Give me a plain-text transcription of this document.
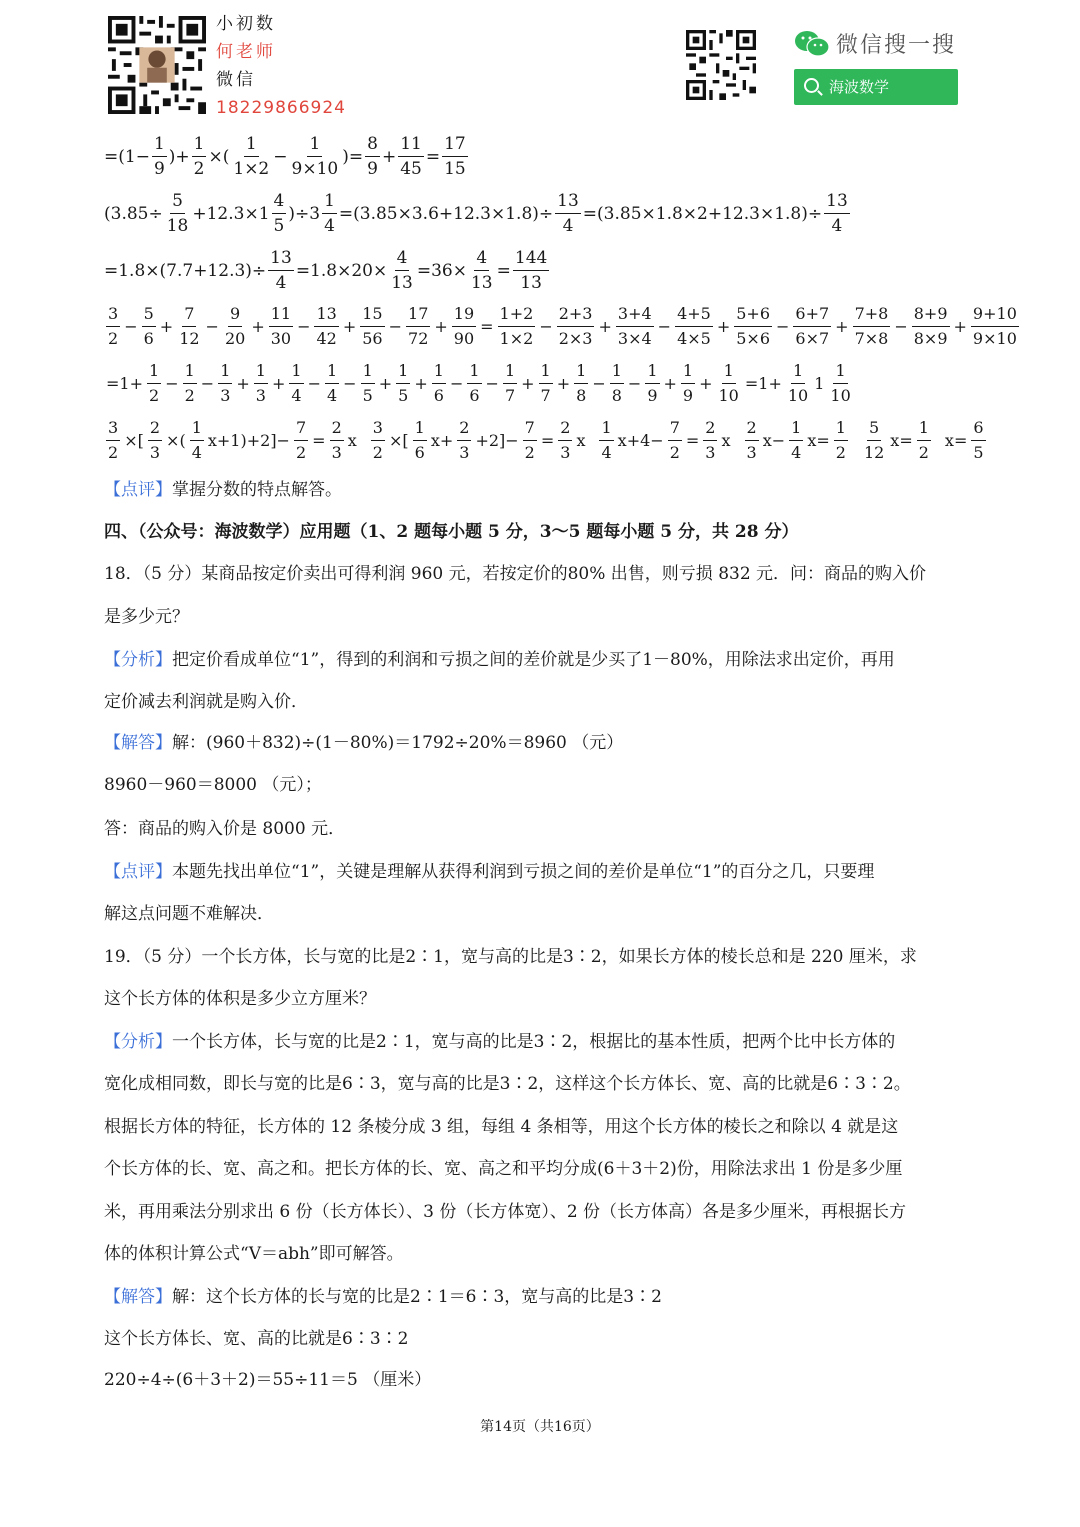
小初数
何老师
微信
18229866924
微信搜一搜
海波数学
$=(1- \frac{1}{9}$ )+ $\frac{1}{2}$ ×( $\frac{1}{1\times 2} - \frac{1}{9\times 10}$ )= $\frac{8}{9} + \frac{11}{45} = \frac{17}{15}$
$(3.85\div \frac{5}{18} +12.3\times 1 \frac{4}{5} )\div 3 \frac{1}{4} =(3.85\times 3.6+12.3\times 1.8)\div \frac{13}{4} =(3.85\times 1.8\times 2+12.3\times 1.8)\div \frac{13}{4}$
$=1.8\times(7.7+12.3)\div \frac{13}{4} =1.8\times 20\times \frac{4}{13} =36\times \frac{4}{13} = \frac{144}{13}$
$\frac{3}{2} - \frac{5}{6} + \frac{7}{12} - \frac{9}{20} + \frac{11}{30} - \frac{13}{42} + \frac{15}{56} - \frac{17}{72} + \frac{19}{90} = \frac{1+2}{1\times 2} - \frac{2+3}{2\times 3} + \frac{3+4}{3\times 4} - \frac{4+5}{4\times 5} + \frac{5+6}{5\times 6} - \frac{6+7}{6\times 7} + \frac{7+8}{7\times 8} - \frac{8+9}{8\times 9} + \frac{9+10}{9\times 10}$
$=1+ \frac{1}{2} - \frac{1}{2} - \frac{1}{3} + \frac{1}{3} + \frac{1}{4} - \frac{1}{4} - \frac{1}{5} + \frac{1}{5} + \frac{1}{6} - \frac{1}{6} - \frac{1}{7} + \frac{1}{7} + \frac{1}{8} - \frac{1}{8} - \frac{1}{9} + \frac{1}{9} + \frac{1}{10} =1+ \frac{1}{10} 1 \frac{1}{10}$
$\frac{3}{2}$ ×[ $\frac{2}{3}$ ×( $\frac{1}{4} x+1)+2]- \frac{7}{2} = \frac{2}{3}$ x $\frac{3}{2}$ ×[ $\frac{1}{6} x+ \frac{2}{3} +2]- \frac{7}{2} = \frac{2}{3}$ x $\frac{1}{4} x+4- \frac{7}{2} = \frac{2}{3}$ x $\frac{2}{3} x- \frac{1}{4} x= \frac{1}{2} \frac{5}{12} x= \frac{1}{2} x= \frac{6}{5}$
【点评】掌握分数的特点解答。
四、（公众号：海波数学）应用题（1、2 题每小题 5 分，3～5 题每小题 5 分，共 28 分）
18．（5 分）某商品按定价卖出可得利润 960 元，若按定价的80% 出售，则亏损 832 元．问：商品的购入价
是多少元？
【分析】把定价看成单位“1”，得到的利润和亏损之间的差价就是少买了1－80%，用除法求出定价，再用
定价减去利润就是购入价．
【解答】解：(960＋832)÷(1－80%)＝1792÷20%＝8960 （元）
8960－960＝8000 （元）；
答：商品的购入价是 8000 元．
【点评】本题先找出单位“1”，关键是理解从获得利润到亏损之间的差价是单位“1”的百分之几，只要理
解这点问题不难解决．
19．（5 分）一个长方体，长与宽的比是2∶1，宽与高的比是3∶2，如果长方体的棱长总和是 220 厘米，求
这个长方体的体积是多少立方厘米？
【分析】一个长方体，长与宽的比是2∶1，宽与高的比是3∶2，根据比的基本性质，把两个比中长方体的
宽化成相同数，即长与宽的比是6∶3，宽与高的比是3∶2，这样这个长方体长、宽、高的比就是6∶3∶2。
根据长方体的特征，长方体的 12 条棱分成 3 组，每组 4 条相等，用这个长方体的棱长之和除以 4 就是这
个长方体的长、宽、高之和。把长方体的长、宽、高之和平均分成(6＋3＋2)份，用除法求出 1 份是多少厘
米，再用乘法分别求出 6 份（长方体长）、3 份（长方体宽）、2 份（长方体高）各是多少厘米，再根据长方
体的体积计算公式“V＝abh”即可解答。
【解答】解：这个长方体的长与宽的比是2∶1＝6∶3，宽与高的比是3∶2
这个长方体长、宽、高的比就是6∶3∶2
220÷4÷(6＋3＋2)＝55÷11＝5 （厘米）
第14页（共16页）
